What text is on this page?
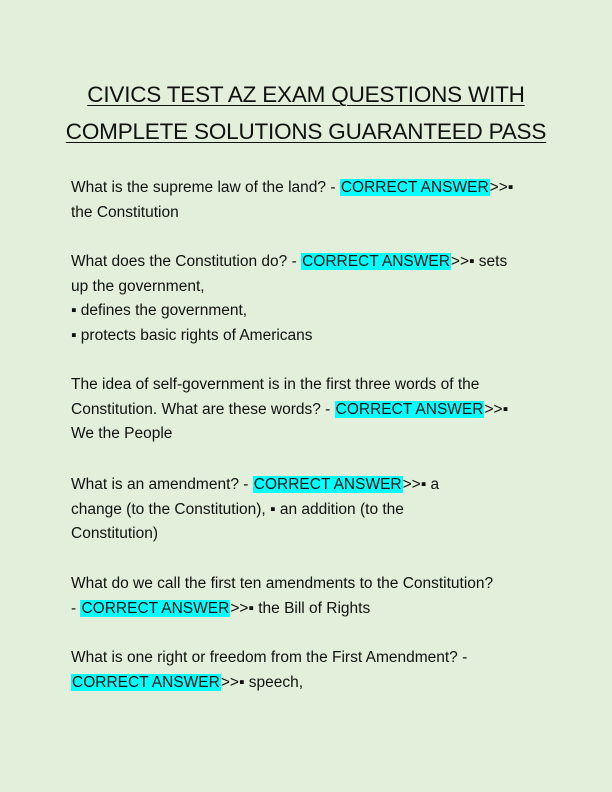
CIVICS TEST AZ EXAM QUESTIONS WITH
COMPLETE SOLUTIONS GUARANTEED PASS
What is the supreme law of the land? - CORRECT ANSWER>>▪
the Constitution
What does the Constitution do? - CORRECT ANSWER>>▪ sets
up the government,
▪ defines the government,
▪ protects basic rights of Americans
The idea of self-government is in the first three words of the
Constitution. What are these words? - CORRECT ANSWER>>▪
We the People
What is an amendment? - CORRECT ANSWER>>▪ a
change (to the Constitution), ▪ an addition (to the
Constitution)
What do we call the first ten amendments to the Constitution?
- CORRECT ANSWER>>▪ the Bill of Rights
What is one right or freedom from the First Amendment? -
CORRECT ANSWER>>▪ speech,
